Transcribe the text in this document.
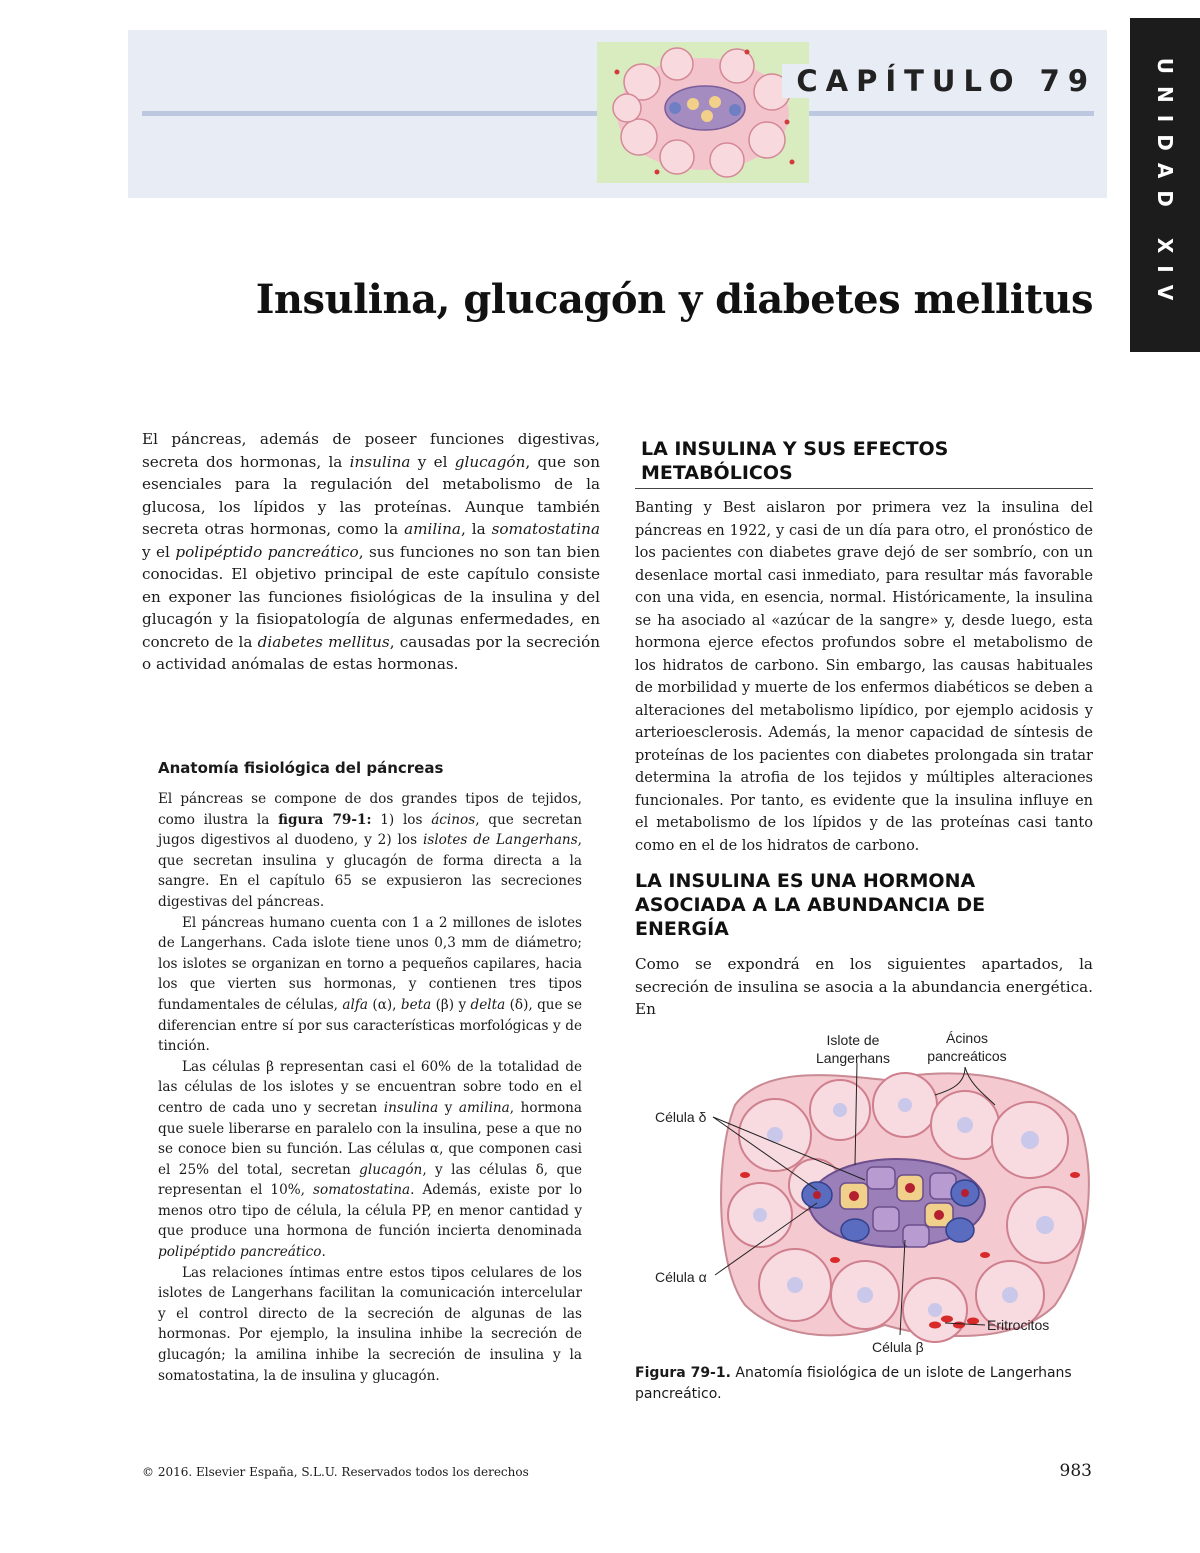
CAPÍTULO 79	UNIDAD XIV
Insulina, glucagón y diabetes mellitus

El páncreas, además de poseer funciones digestivas, secreta dos hormonas, la insulina y el glucagón, que son esenciales para la regulación del metabolismo de la glucosa, los lípidos y las proteínas. Aunque también secreta otras hormonas, como la amilina, la somatostatina y el polipéptido pancreático, sus funciones no son tan bien conocidas. El objetivo principal de este capítulo consiste en exponer las funciones fisiológicas de la insulina y del glucagón y la fisiopatología de algunas enfermedades, en concreto de la diabetes mellitus, causadas por la secreción o actividad anómalas de estas hormonas.

Anatomía fisiológica del páncreas

El páncreas se compone de dos grandes tipos de tejidos, como ilustra la figura 79-1: 1) los ácinos, que secretan jugos digestivos al duodeno, y 2) los islotes de Langerhans, que secretan insulina y glucagón de forma directa a la sangre. En el capítulo 65 se expusieron las secreciones digestivas del páncreas.

El páncreas humano cuenta con 1 a 2 millones de islotes de Langerhans. Cada islote tiene unos 0,3 mm de diámetro; los islotes se organizan en torno a pequeños capilares, hacia los que vierten sus hormonas, y contienen tres tipos fundamentales de células, alfa (α), beta (β) y delta (δ), que se diferencian entre sí por sus características morfológicas y de tinción.

Las células β representan casi el 60% de la totalidad de las células de los islotes y se encuentran sobre todo en el centro de cada uno y secretan insulina y amilina, hormona que suele liberarse en paralelo con la insulina, pese a que no se conoce bien su función. Las células α, que componen casi el 25% del total, secretan glucagón, y las células δ, que representan el 10%, somatostatina. Además, existe por lo menos otro tipo de célula, la célula PP, en menor cantidad y que produce una hormona de función incierta denominada polipéptido pancreático.

Las relaciones íntimas entre estos tipos celulares de los islotes de Langerhans facilitan la comunicación intercelular y el control directo de la secreción de algunas de las hormonas. Por ejemplo, la insulina inhibe la secreción de glucagón; la amilina inhibe la secreción de insulina y la somatostatina, la de insulina y glucagón.

LA INSULINA Y SUS EFECTOS METABÓLICOS

Banting y Best aislaron por primera vez la insulina del páncreas en 1922, y casi de un día para otro, el pronóstico de los pacientes con diabetes grave dejó de ser sombrío, con un desenlace mortal casi inmediato, para resultar más favorable con una vida, en esencia, normal. Históricamente, la insulina se ha asociado al «azúcar de la sangre» y, desde luego, esta hormona ejerce efectos profundos sobre el metabolismo de los hidratos de carbono. Sin embargo, las causas habituales de morbilidad y muerte de los enfermos diabéticos se deben a alteraciones del metabolismo lipídico, por ejemplo acidosis y arterioesclerosis. Además, la menor capacidad de síntesis de proteínas de los pacientes con diabetes prolongada sin tratar determina la atrofia de los tejidos y múltiples alteraciones funcionales. Por tanto, es evidente que la insulina influye en el metabolismo de los lípidos y de las proteínas casi tanto como en el de los hidratos de carbono.

LA INSULINA ES UNA HORMONA ASOCIADA A LA ABUNDANCIA DE ENERGÍA

Como se expondrá en los siguientes apartados, la secreción de insulina se asocia a la abundancia energética. En

Islote de
Langerhans
Ácinos
pancreáticos
Célula δ
Célula α
Célula β
Eritrocitos

Figura 79-1. Anatomía fisiológica de un islote de Langerhans pancreático.

© 2016. Elsevier España, S.L.U. Reservados todos los derechos	983
